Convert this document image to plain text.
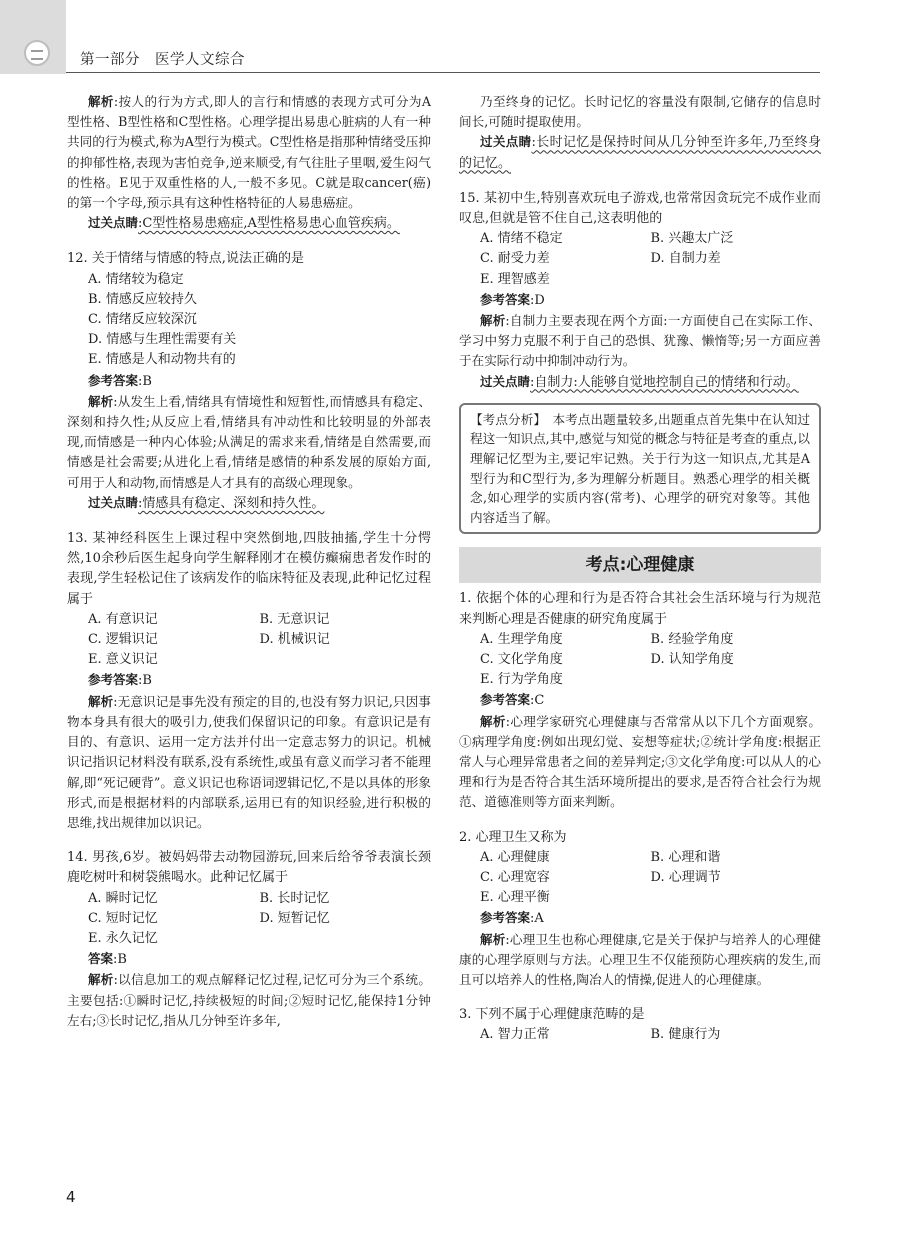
第一部分　医学人文综合

解析:按人的行为方式,即人的言行和情感的表现方式可分为A型性格、B型性格和C型性格。心理学提出易患心脏病的人有一种共同的行为模式,称为A型行为模式。C型性格是指那种情绪受压抑的抑郁性格,表现为害怕竞争,逆来顺受,有气往肚子里咽,爱生闷气的性格。E见于双重性格的人,一般不多见。C就是取cancer(癌)的第一个字母,预示具有这种性格特征的人易患癌症。

过关点睛:C型性格易患癌症,A型性格易患心血管疾病。

12. 关于情绪与情感的特点,说法正确的是

A. 情绪较为稳定

B. 情感反应较持久

C. 情绪反应较深沉

D. 情感与生理性需要有关

E. 情感是人和动物共有的

参考答案:B

解析:从发生上看,情绪具有情境性和短暂性,而情感具有稳定、深刻和持久性;从反应上看,情绪具有冲动性和比较明显的外部表现,而情感是一种内心体验;从满足的需求来看,情绪是自然需要,而情感是社会需要;从进化上看,情绪是感情的种系发展的原始方面,可用于人和动物,而情感是人才具有的高级心理现象。

过关点睛:情感具有稳定、深刻和持久性。

13. 某神经科医生上课过程中突然倒地,四肢抽搐,学生十分愕然,10余秒后医生起身向学生解释刚才在模仿癫痫患者发作时的表现,学生轻松记住了该病发作的临床特征及表现,此种记忆过程属于

A. 有意识记	B. 无意识记
C. 逻辑识记	D. 机械识记

E. 意义识记

参考答案:B

解析:无意识记是事先没有预定的目的,也没有努力识记,只因事物本身具有很大的吸引力,使我们保留识记的印象。有意识记是有目的、有意识、运用一定方法并付出一定意志努力的识记。机械识记指识记材料没有联系,没有系统性,或虽有意义而学习者不能理解,即“死记硬背”。意义识记也称语词逻辑记忆,不是以具体的形象形式,而是根据材料的内部联系,运用已有的知识经验,进行积极的思维,找出规律加以识记。

14. 男孩,6岁。被妈妈带去动物园游玩,回来后给爷爷表演长颈鹿吃树叶和树袋熊喝水。此种记忆属于

A. 瞬时记忆	B. 长时记忆
C. 短时记忆	D. 短暂记忆

E. 永久记忆

答案:B

解析:以信息加工的观点解释记忆过程,记忆可分为三个系统。主要包括:①瞬时记忆,持续极短的时间;②短时记忆,能保持1分钟左右;③长时记忆,指从几分钟至许多年,

乃至终身的记忆。长时记忆的容量没有限制,它储存的信息时间长,可随时提取使用。

过关点睛:长时记忆是保持时间从几分钟至许多年,乃至终身的记忆。

15. 某初中生,特别喜欢玩电子游戏,也常常因贪玩完不成作业而叹息,但就是管不住自己,这表明他的

A. 情绪不稳定	B. 兴趣太广泛
C. 耐受力差	D. 自制力差

E. 理智感差

参考答案:D

解析:自制力主要表现在两个方面:一方面使自己在实际工作、学习中努力克服不利于自己的恐惧、犹豫、懒惰等;另一方面应善于在实际行动中抑制冲动行为。

过关点睛:自制力:人能够自觉地控制自己的情绪和行动。

【考点分析】　本考点出题量较多,出题重点首先集中在认知过程这一知识点,其中,感觉与知觉的概念与特征是考查的重点,以理解记忆型为主,要记牢记熟。关于行为这一知识点,尤其是A型行为和C型行为,多为理解分析题目。熟悉心理学的相关概念,如心理学的实质内容(常考)、心理学的研究对象等。其他内容适当了解。

考点:心理健康

1. 依据个体的心理和行为是否符合其社会生活环境与行为规范来判断心理是否健康的研究角度属于

A. 生理学角度	B. 经验学角度
C. 文化学角度	D. 认知学角度

E. 行为学角度

参考答案:C

解析:心理学家研究心理健康与否常常从以下几个方面观察。①病理学角度:例如出现幻觉、妄想等症状;②统计学角度:根据正常人与心理异常患者之间的差异判定;③文化学角度:可以从人的心理和行为是否符合其生活环境所提出的要求,是否符合社会行为规范、道德准则等方面来判断。

2. 心理卫生又称为

A. 心理健康	B. 心理和谐
C. 心理宽容	D. 心理调节

E. 心理平衡

参考答案:A

解析:心理卫生也称心理健康,它是关于保护与培养人的心理健康的心理学原则与方法。心理卫生不仅能预防心理疾病的发生,而且可以培养人的性格,陶冶人的情操,促进人的心理健康。

3. 下列不属于心理健康范畴的是

A. 智力正常	B. 健康行为
4
